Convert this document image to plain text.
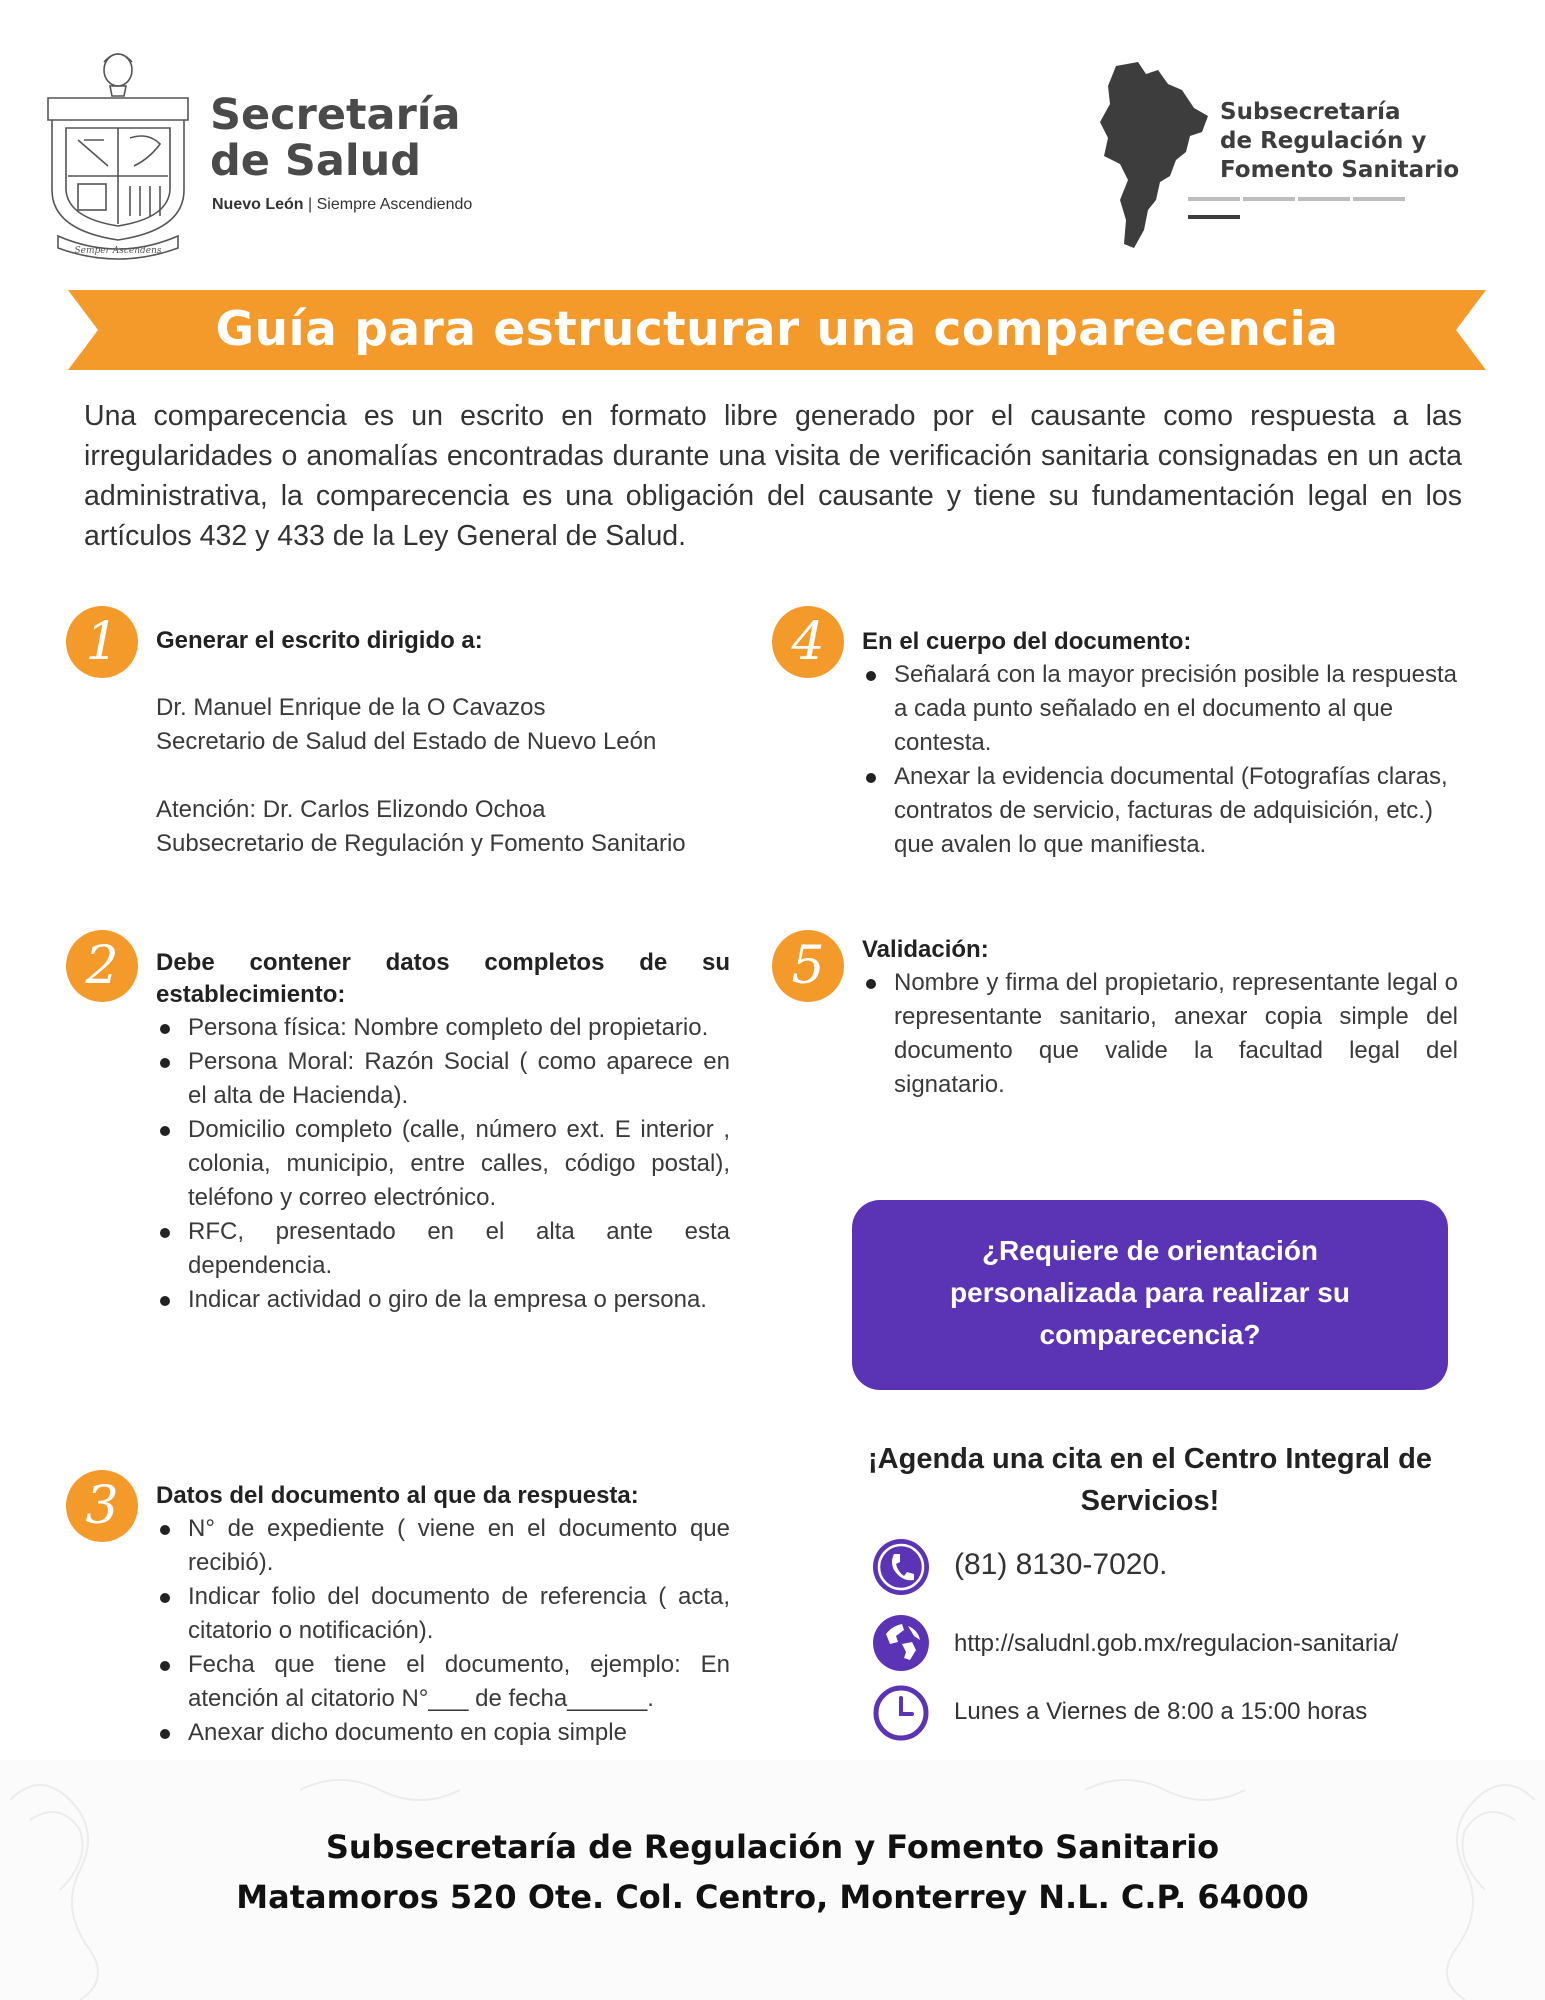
Semper Ascendens
Secretaría
de Salud
Nuevo León | Siempre Ascendiendo
Subsecretaría
de Regulación y
Fomento Sanitario
Guía para estructurar una comparecencia

Una comparecencia es un escrito en formato libre generado por el causante como respuesta a las irregularidades o anomalías encontradas durante una visita de verificación sanitaria consignadas en un acta administrativa, la comparecencia es una obligación del causante y tiene su fundamentación legal en los artículos 432 y 433 de la Ley General de Salud.

1	Generar el escrito dirigido a:

Dr. Manuel Enrique de la O Cavazos

Secretario de Salud del Estado de Nuevo León

Atención: Dr. Carlos Elizondo Ochoa

Subsecretario de Regulación y Fomento Sanitario

2	Debe contener datos completos de su establecimiento:
Persona física: Nombre completo del propietario.
Persona Moral: Razón Social ( como aparece en el alta de Hacienda).
Domicilio completo (calle, número ext. E interior , colonia, municipio, entre calles, código postal), teléfono y correo electrónico.
RFC, presentado en el alta ante esta dependencia.
Indicar actividad o giro de la empresa o persona.
3	Datos del documento al que da respuesta:
N° de expediente ( viene en el documento que recibió).
Indicar folio del documento de referencia ( acta, citatorio o notificación).
Fecha que tiene el documento, ejemplo: En atención al citatorio N°___ de fecha______.
Anexar dicho documento en copia simple
4	En el cuerpo del documento:
Señalará con la mayor precisión posible la respuesta a cada punto señalado en el documento al que contesta.
Anexar la evidencia documental (Fotografías claras, contratos de servicio, facturas de adquisición, etc.) que avalen lo que manifiesta.
5	Validación:
Nombre y firma del propietario, representante legal o representante sanitario, anexar copia simple del documento que valide la facultad legal del signatario.
¿Requiere de orientación personalizada para realizar su comparecencia?
¡Agenda una cita en el Centro Integral de Servicios!
(81) 8130-7020.
http://saludnl.gob.mx/regulacion-sanitaria/
Lunes a Viernes de 8:00 a 15:00 horas
Subsecretaría de Regulación y Fomento Sanitario
Matamoros 520 Ote. Col. Centro, Monterrey N.L. C.P. 64000
